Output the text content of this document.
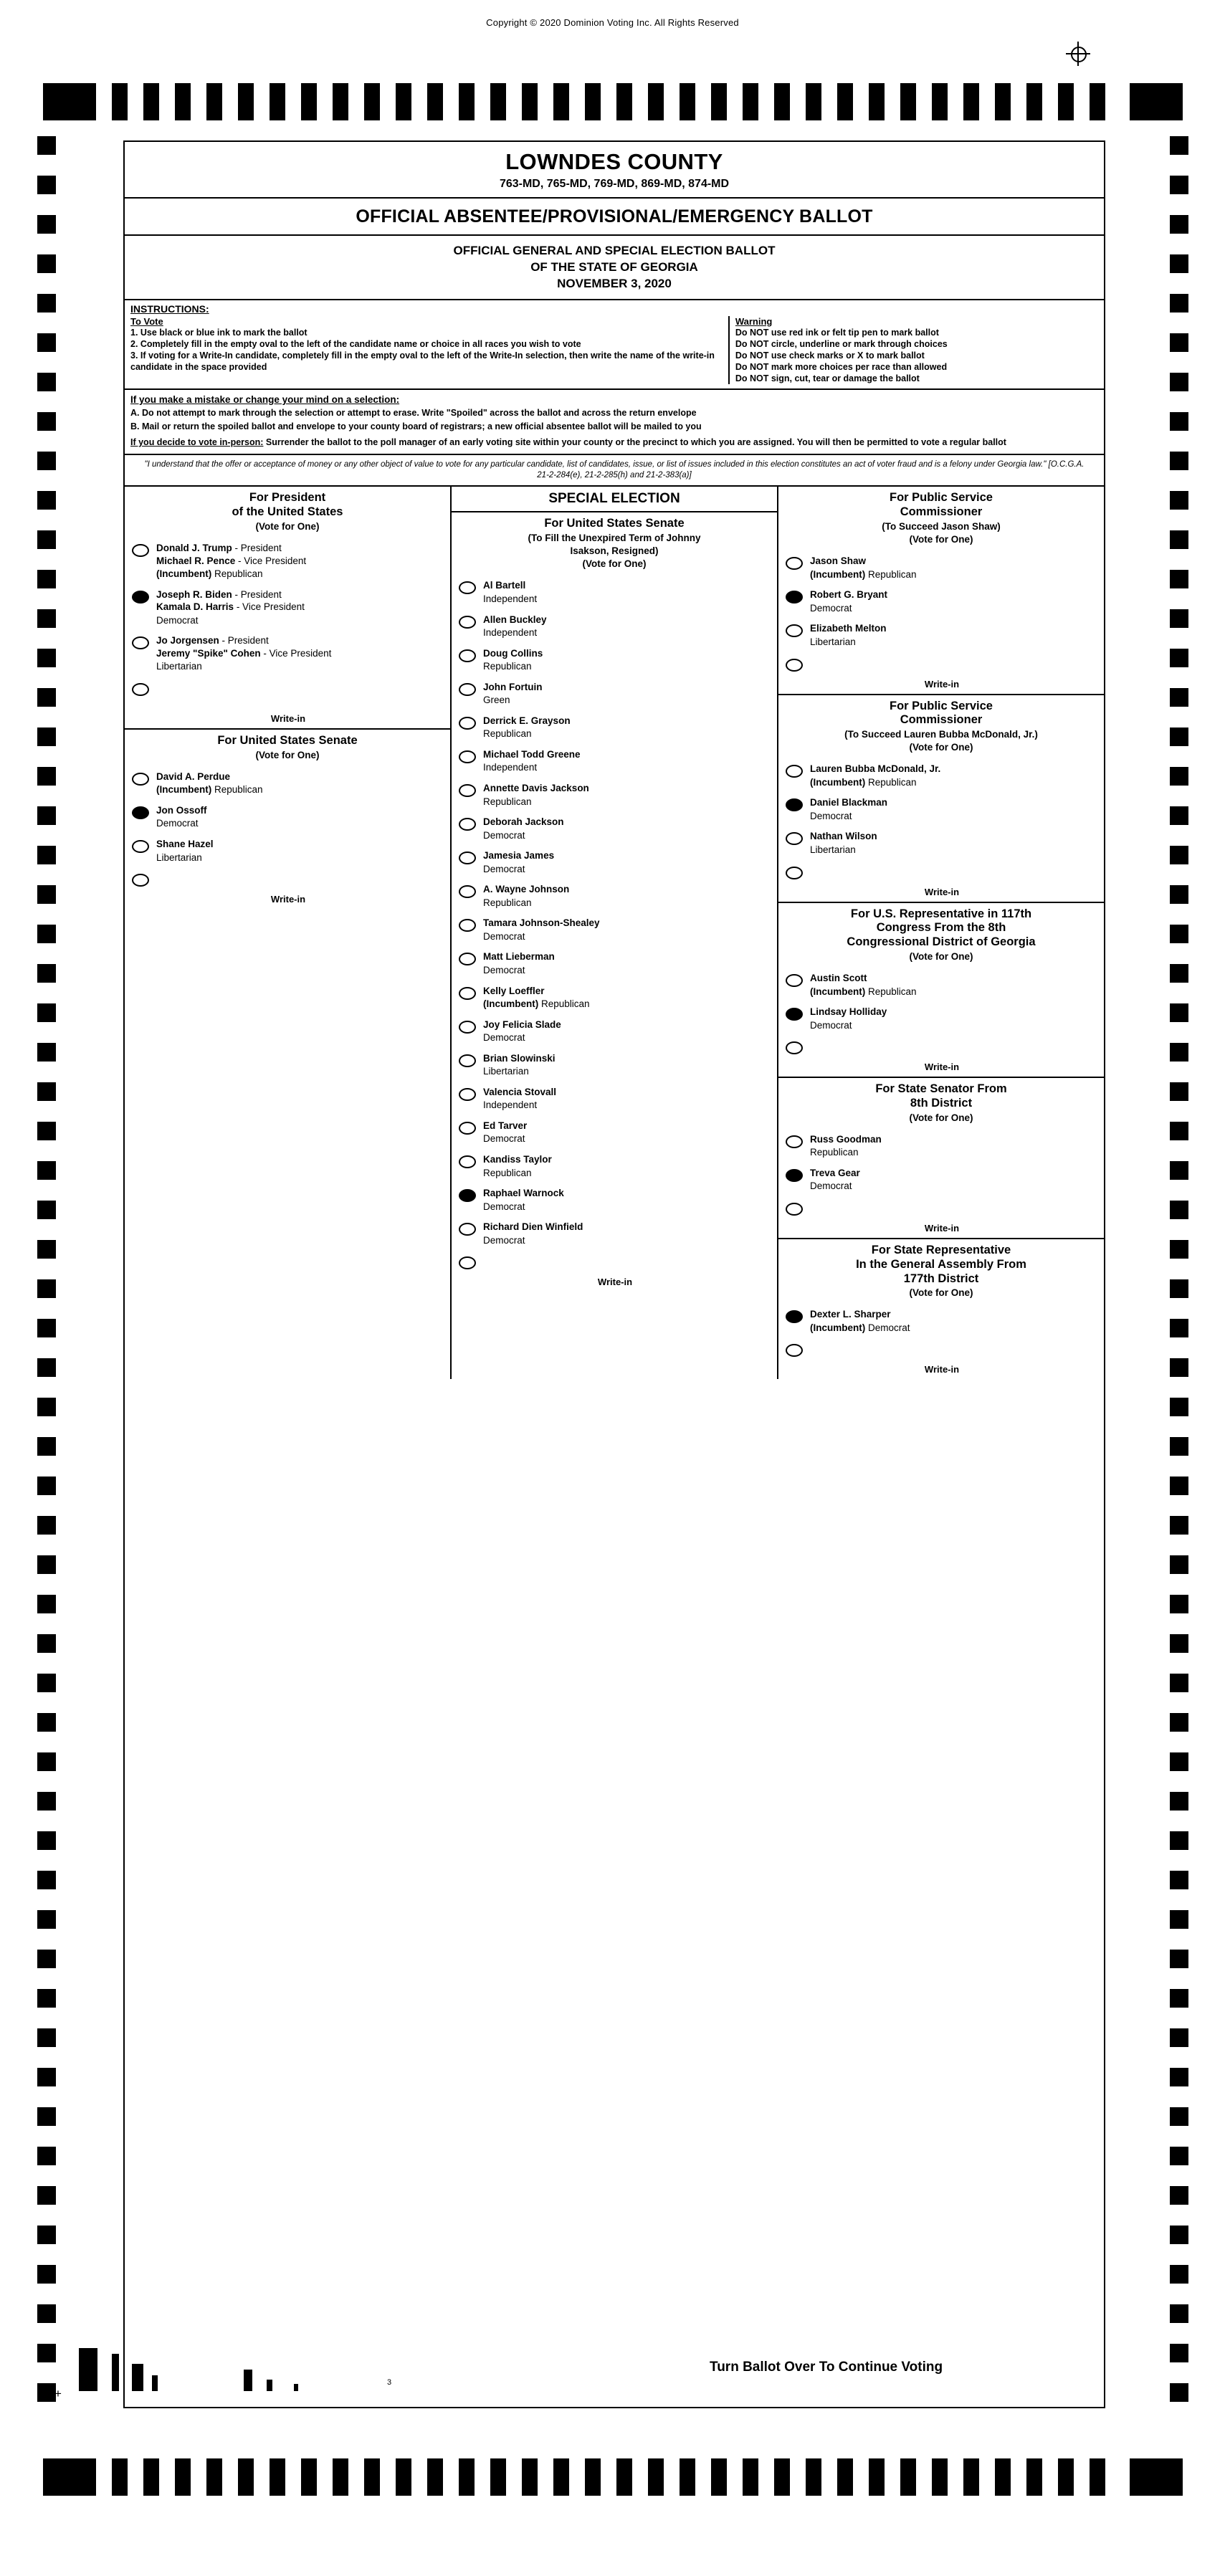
Copyright © 2020 Dominion Voting Inc. All Rights Reserved
LOWNDES COUNTY
763-MD, 765-MD, 769-MD, 869-MD, 874-MD
OFFICIAL ABSENTEE/PROVISIONAL/EMERGENCY BALLOT
OFFICIAL GENERAL AND SPECIAL ELECTION BALLOT
OF THE STATE OF GEORGIA
NOVEMBER 3, 2020
INSTRUCTIONS:
To Vote
1. Use black or blue ink to mark the ballot
2. Completely fill in the empty oval to the left of the candidate name or choice in all races you wish to vote
3. If voting for a Write-In candidate, completely fill in the empty oval to the left of the Write-In selection, then write the name of the write-in candidate in the space provided
Warning
Do NOT use red ink or felt tip pen to mark ballot
Do NOT circle, underline or mark through choices
Do NOT use check marks or X to mark ballot
Do NOT mark more choices per race than allowed
Do NOT sign, cut, tear or damage the ballot
If you make a mistake or change your mind on a selection:

A. Do not attempt to mark through the selection or attempt to erase. Write "Spoiled" across the ballot and across the return envelope

B. Mail or return the spoiled ballot and envelope to your county board of registrars; a new official absentee ballot will be mailed to you

If you decide to vote in-person: Surrender the ballot to the poll manager of an early voting site within your county or the precinct to which you are assigned. You will then be permitted to vote a regular ballot
"I understand that the offer or acceptance of money or any other object of value to vote for any particular candidate, list of candidates, issue, or list of issues included in this election constitutes an act of voter fraud and is a felony under Georgia law." [O.C.G.A. 21-2-284(e), 21-2-285(h) and 21-2-383(a)]
For President
of the United States
(Vote for One)
Donald J. Trump - President
Michael R. Pence - Vice President
(Incumbent) Republican
Joseph R. Biden - President
Kamala D. Harris - Vice President
Democrat
Jo Jorgensen - President
Jeremy "Spike" Cohen - Vice President
Libertarian

Write-in
For United States Senate
(Vote for One)
David A. Perdue
(Incumbent) Republican
Jon Ossoff
Democrat
Shane Hazel
Libertarian

Write-in
SPECIAL ELECTION
For United States Senate
(To Fill the Unexpired Term of Johnny
Isakson, Resigned)
(Vote for One)
Al Bartell
Independent
Allen Buckley
Independent
Doug Collins
Republican
John Fortuin
Green
Derrick E. Grayson
Republican
Michael Todd Greene
Independent
Annette Davis Jackson
Republican
Deborah Jackson
Democrat
Jamesia James
Democrat
A. Wayne Johnson
Republican
Tamara Johnson-Shealey
Democrat
Matt Lieberman
Democrat
Kelly Loeffler
(Incumbent) Republican
Joy Felicia Slade
Democrat
Brian Slowinski
Libertarian
Valencia Stovall
Independent
Ed Tarver
Democrat
Kandiss Taylor
Republican
Raphael Warnock
Democrat
Richard Dien Winfield
Democrat

Write-in
For Public Service
Commissioner
(To Succeed Jason Shaw)
(Vote for One)
Jason Shaw
(Incumbent) Republican
Robert G. Bryant
Democrat
Elizabeth Melton
Libertarian

Write-in
For Public Service
Commissioner
(To Succeed Lauren Bubba McDonald, Jr.)
(Vote for One)
Lauren Bubba McDonald, Jr.
(Incumbent) Republican
Daniel Blackman
Democrat
Nathan Wilson
Libertarian

Write-in
For U.S. Representative in 117th
Congress From the 8th
Congressional District of Georgia
(Vote for One)
Austin Scott
(Incumbent) Republican
Lindsay Holliday
Democrat

Write-in
For State Senator From
8th District
(Vote for One)
Russ Goodman
Republican
Treva Gear
Democrat

Write-in
For State Representative
In the General Assembly From
177th District
(Vote for One)
Dexter L. Sharper
(Incumbent) Democrat

Write-in
+
3
Turn Ballot Over To Continue Voting
